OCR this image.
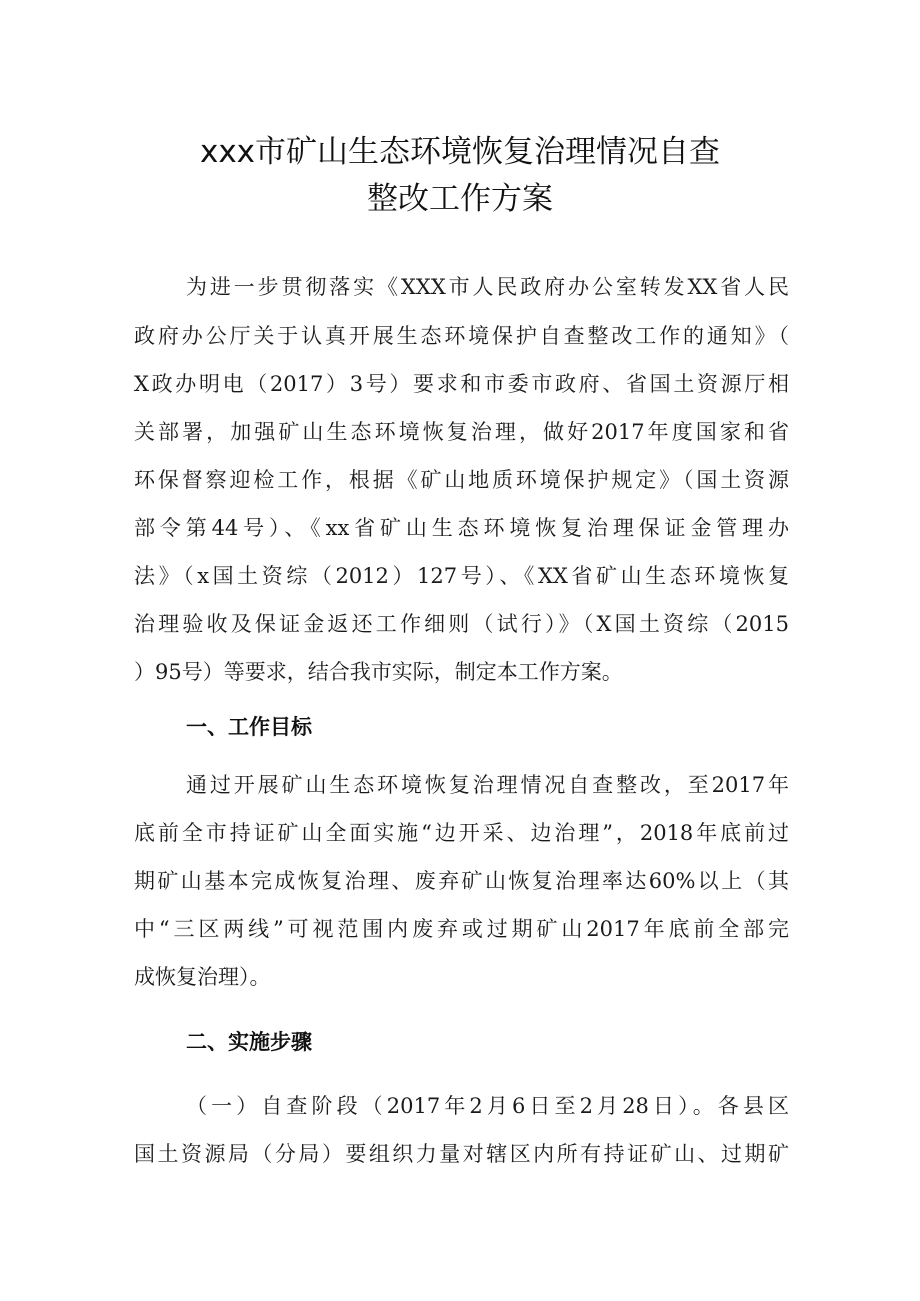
xxx市矿山生态环境恢复治理情况自查
整改工作方案
为进一步贯彻落实《XXX市人民政府办公室转发XX省人民
政府办公厅关于认真开展生态环境保护自查整改工作的通知》（
X政办明电（2017）3号）要求和市委市政府、省国土资源厅相
关部署，加强矿山生态环境恢复治理，做好2017年度国家和省
环保督察迎检工作，根据《矿山地质环境保护规定》（国土资源
部令第44号）、《xx省矿山生态环境恢复治理保证金管理办
法》（x国土资综（2012）127号）、《XX省矿山生态环境恢复
治理验收及保证金返还工作细则（试行）》（X国土资综（2015
）95号）等要求，结合我市实际，制定本工作方案。
一、工作目标
通过开展矿山生态环境恢复治理情况自查整改，至2017年
底前全市持证矿山全面实施“边开采、边治理”，2018年底前过
期矿山基本完成恢复治理、废弃矿山恢复治理率达60%以上（其
中“三区两线”可视范围内废弃或过期矿山2017年底前全部完
成恢复治理）。
二、实施步骤
（一）自查阶段（2017年2月6日至2月28日）。各县区
国土资源局（分局）要组织力量对辖区内所有持证矿山、过期矿
